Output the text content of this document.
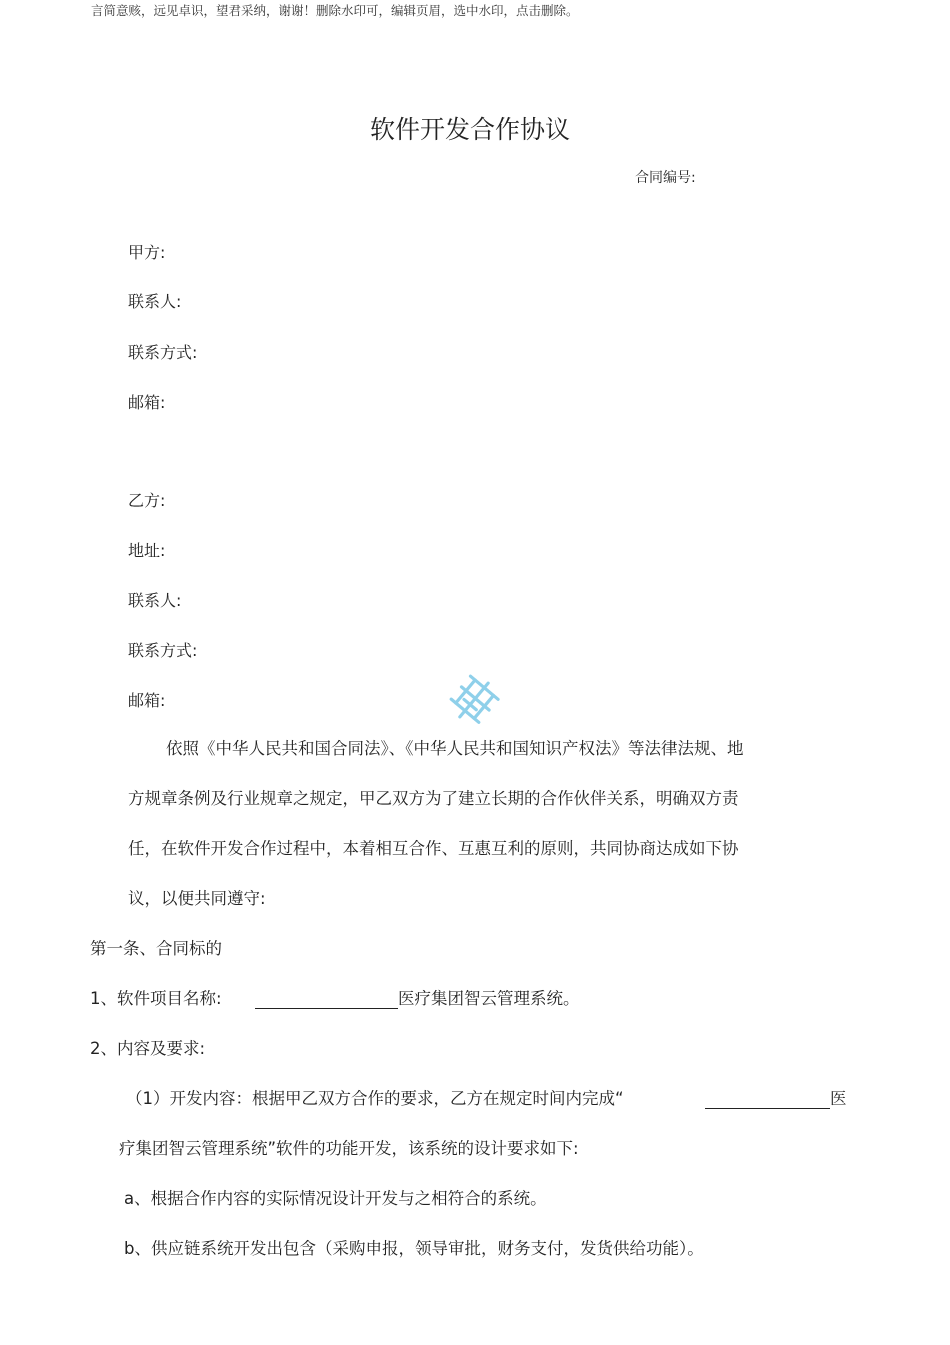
言简意赅，远见卓识，望君采纳，谢谢！删除水印可，编辑页眉，选中水印，点击删除。
软件开发合作协议
合同编号:
甲方:
联系人:
联系方式:
邮箱:
乙方:
地址:
联系人:
联系方式:
邮箱:
依照《中华人民共和国合同法》、《中华人民共和国知识产权法》等法律法规、地
方规章条例及行业规章之规定，甲乙双方为了建立长期的合作伙伴关系，明确双方责
任，在软件开发合作过程中，本着相互合作、互惠互利的原则，共同协商达成如下协
议，以便共同遵守:
第一条、合同标的
1、软件项目名称:	医疗集团智云管理系统。
2、内容及要求:
（1）开发内容：根据甲乙双方合作的要求，乙方在规定时间内完成“	医
疗集团智云管理系统”软件的功能开发，该系统的设计要求如下:
a、根据合作内容的实际情况设计开发与之相符合的系统。
b、供应链系统开发出包含（采购申报，领导审批，财务支付，发货供给功能）。
